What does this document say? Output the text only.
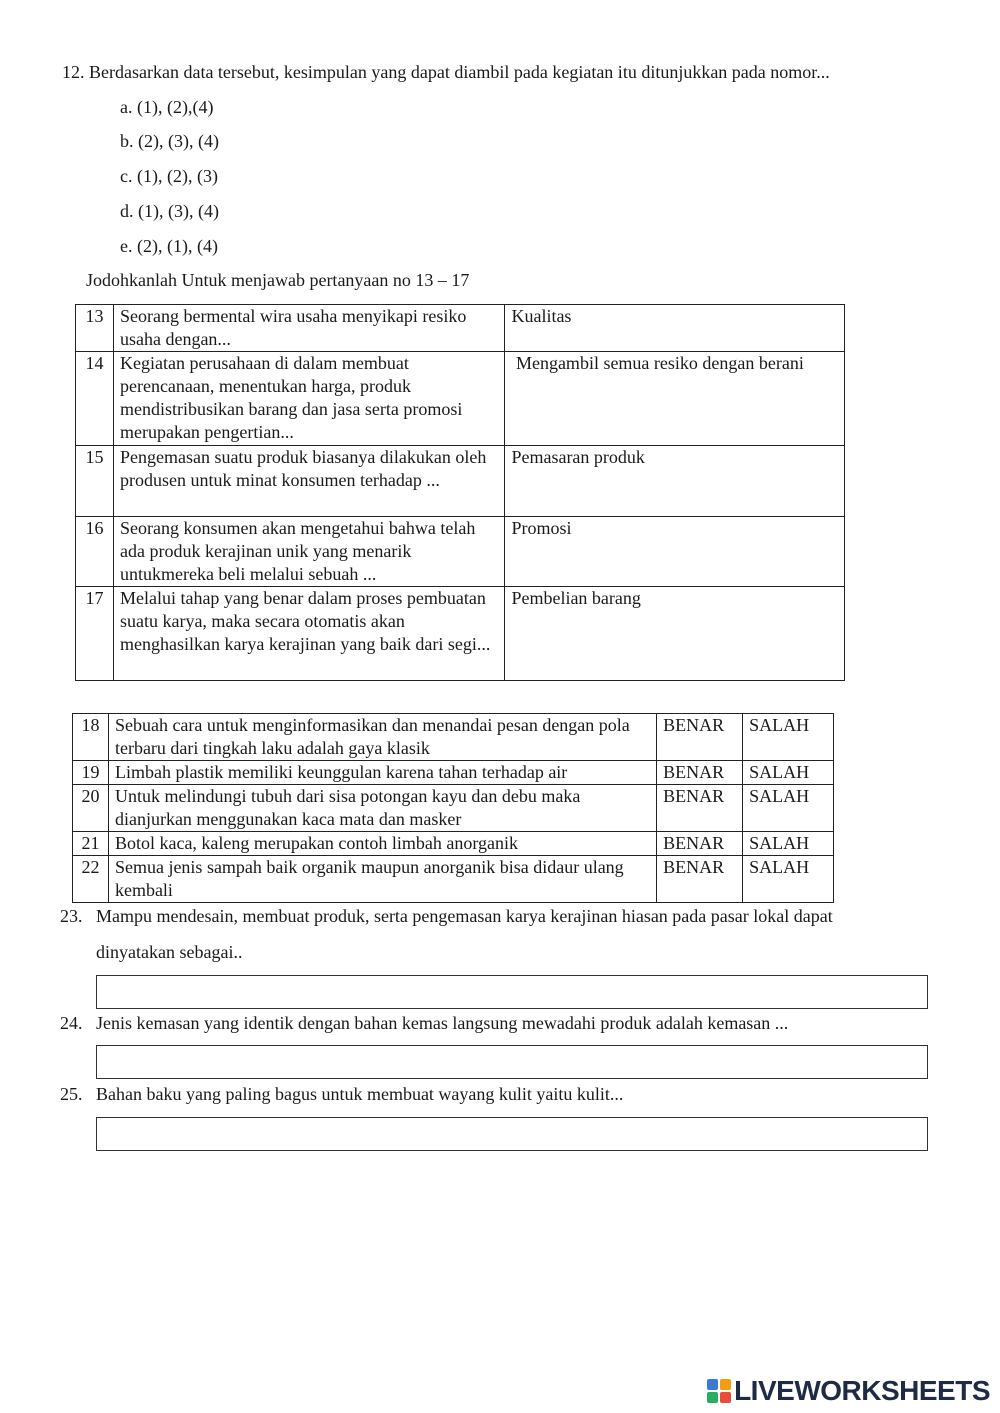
12. Berdasarkan data tersebut, kesimpulan yang dapat diambil pada kegiatan itu ditunjukkan pada nomor...
a. (1), (2),(4)
b. (2), (3), (4)
c. (1), (2), (3)
d. (1), (3), (4)
e. (2), (1), (4)
Jodohkanlah Untuk menjawab pertanyaan no 13 – 17
13	Seorang bermental wira usaha menyikapi resiko usaha dengan...	Kualitas
14	Kegiatan perusahaan di dalam membuat perencanaan, menentukan harga, produk mendistribusikan barang dan jasa serta promosi merupakan pengertian...	Mengambil semua resiko dengan berani
15	Pengemasan suatu produk biasanya dilakukan oleh produsen untuk minat konsumen terhadap ...	Pemasaran produk
16	Seorang konsumen akan mengetahui bahwa telah ada produk kerajinan unik yang menarik untukmereka beli melalui sebuah ...	Promosi
17	Melalui tahap yang benar dalam proses pembuatan suatu karya, maka secara otomatis akan menghasilkan karya kerajinan yang baik dari segi...	Pembelian barang
18	Sebuah cara untuk menginformasikan dan menandai pesan dengan pola terbaru dari tingkah laku adalah gaya klasik	BENAR	SALAH
19	Limbah plastik memiliki keunggulan karena tahan terhadap air	BENAR	SALAH
20	Untuk melindungi tubuh dari sisa potongan kayu dan debu maka dianjurkan menggunakan kaca mata dan masker	BENAR	SALAH
21	Botol kaca, kaleng merupakan contoh limbah anorganik	BENAR	SALAH
22	Semua jenis sampah baik organik maupun anorganik bisa didaur ulang kembali	BENAR	SALAH
23. Mampu mendesain, membuat produk, serta pengemasan karya kerajinan hiasan pada pasar lokal dapat
dinyatakan sebagai..
24. Jenis kemasan yang identik dengan bahan kemas langsung mewadahi produk adalah kemasan ...
25. Bahan baku yang paling bagus untuk membuat wayang kulit yaitu kulit...
LIVEWORKSHEETS
